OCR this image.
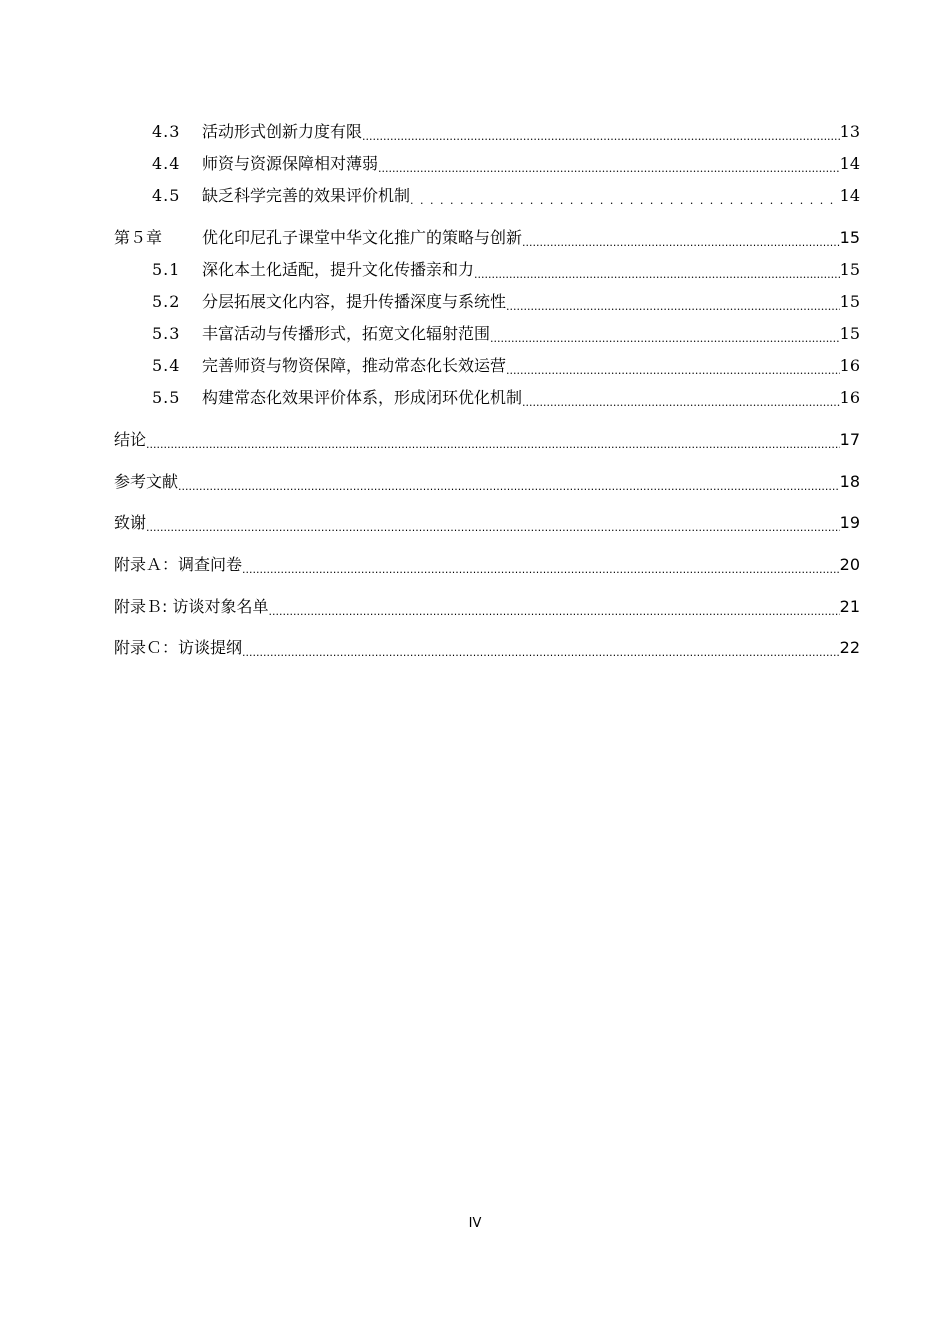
4.3	活动形式创新力度有限 .....	13
4.4	师资与资源保障相对薄弱 .....	14
4.5	缺乏科学完善的效果评价机制 . . .	14
第５章	优化印尼孔子课堂中华文化推广的策略与创新 .....	15
5.1	深化本土化适配，提升文化传播亲和力 .....	15
5.2	分层拓展文化内容，提升传播深度与系统性 .....	15
5.3	丰富活动与传播形式，拓宽文化辐射范围 .....	15
5.4	完善师资与物资保障，推动常态化长效运营 .....	16
5.5	构建常态化效果评价体系，形成闭环优化机制 .....	16
结论 .....	17
参考文献 .....	18
致谢 .....	19
附录Ａ：调查问卷 .....	20
附录Ｂ: 访谈对象名单 .....	21
附录Ｃ：访谈提纲 .....	22
IV
